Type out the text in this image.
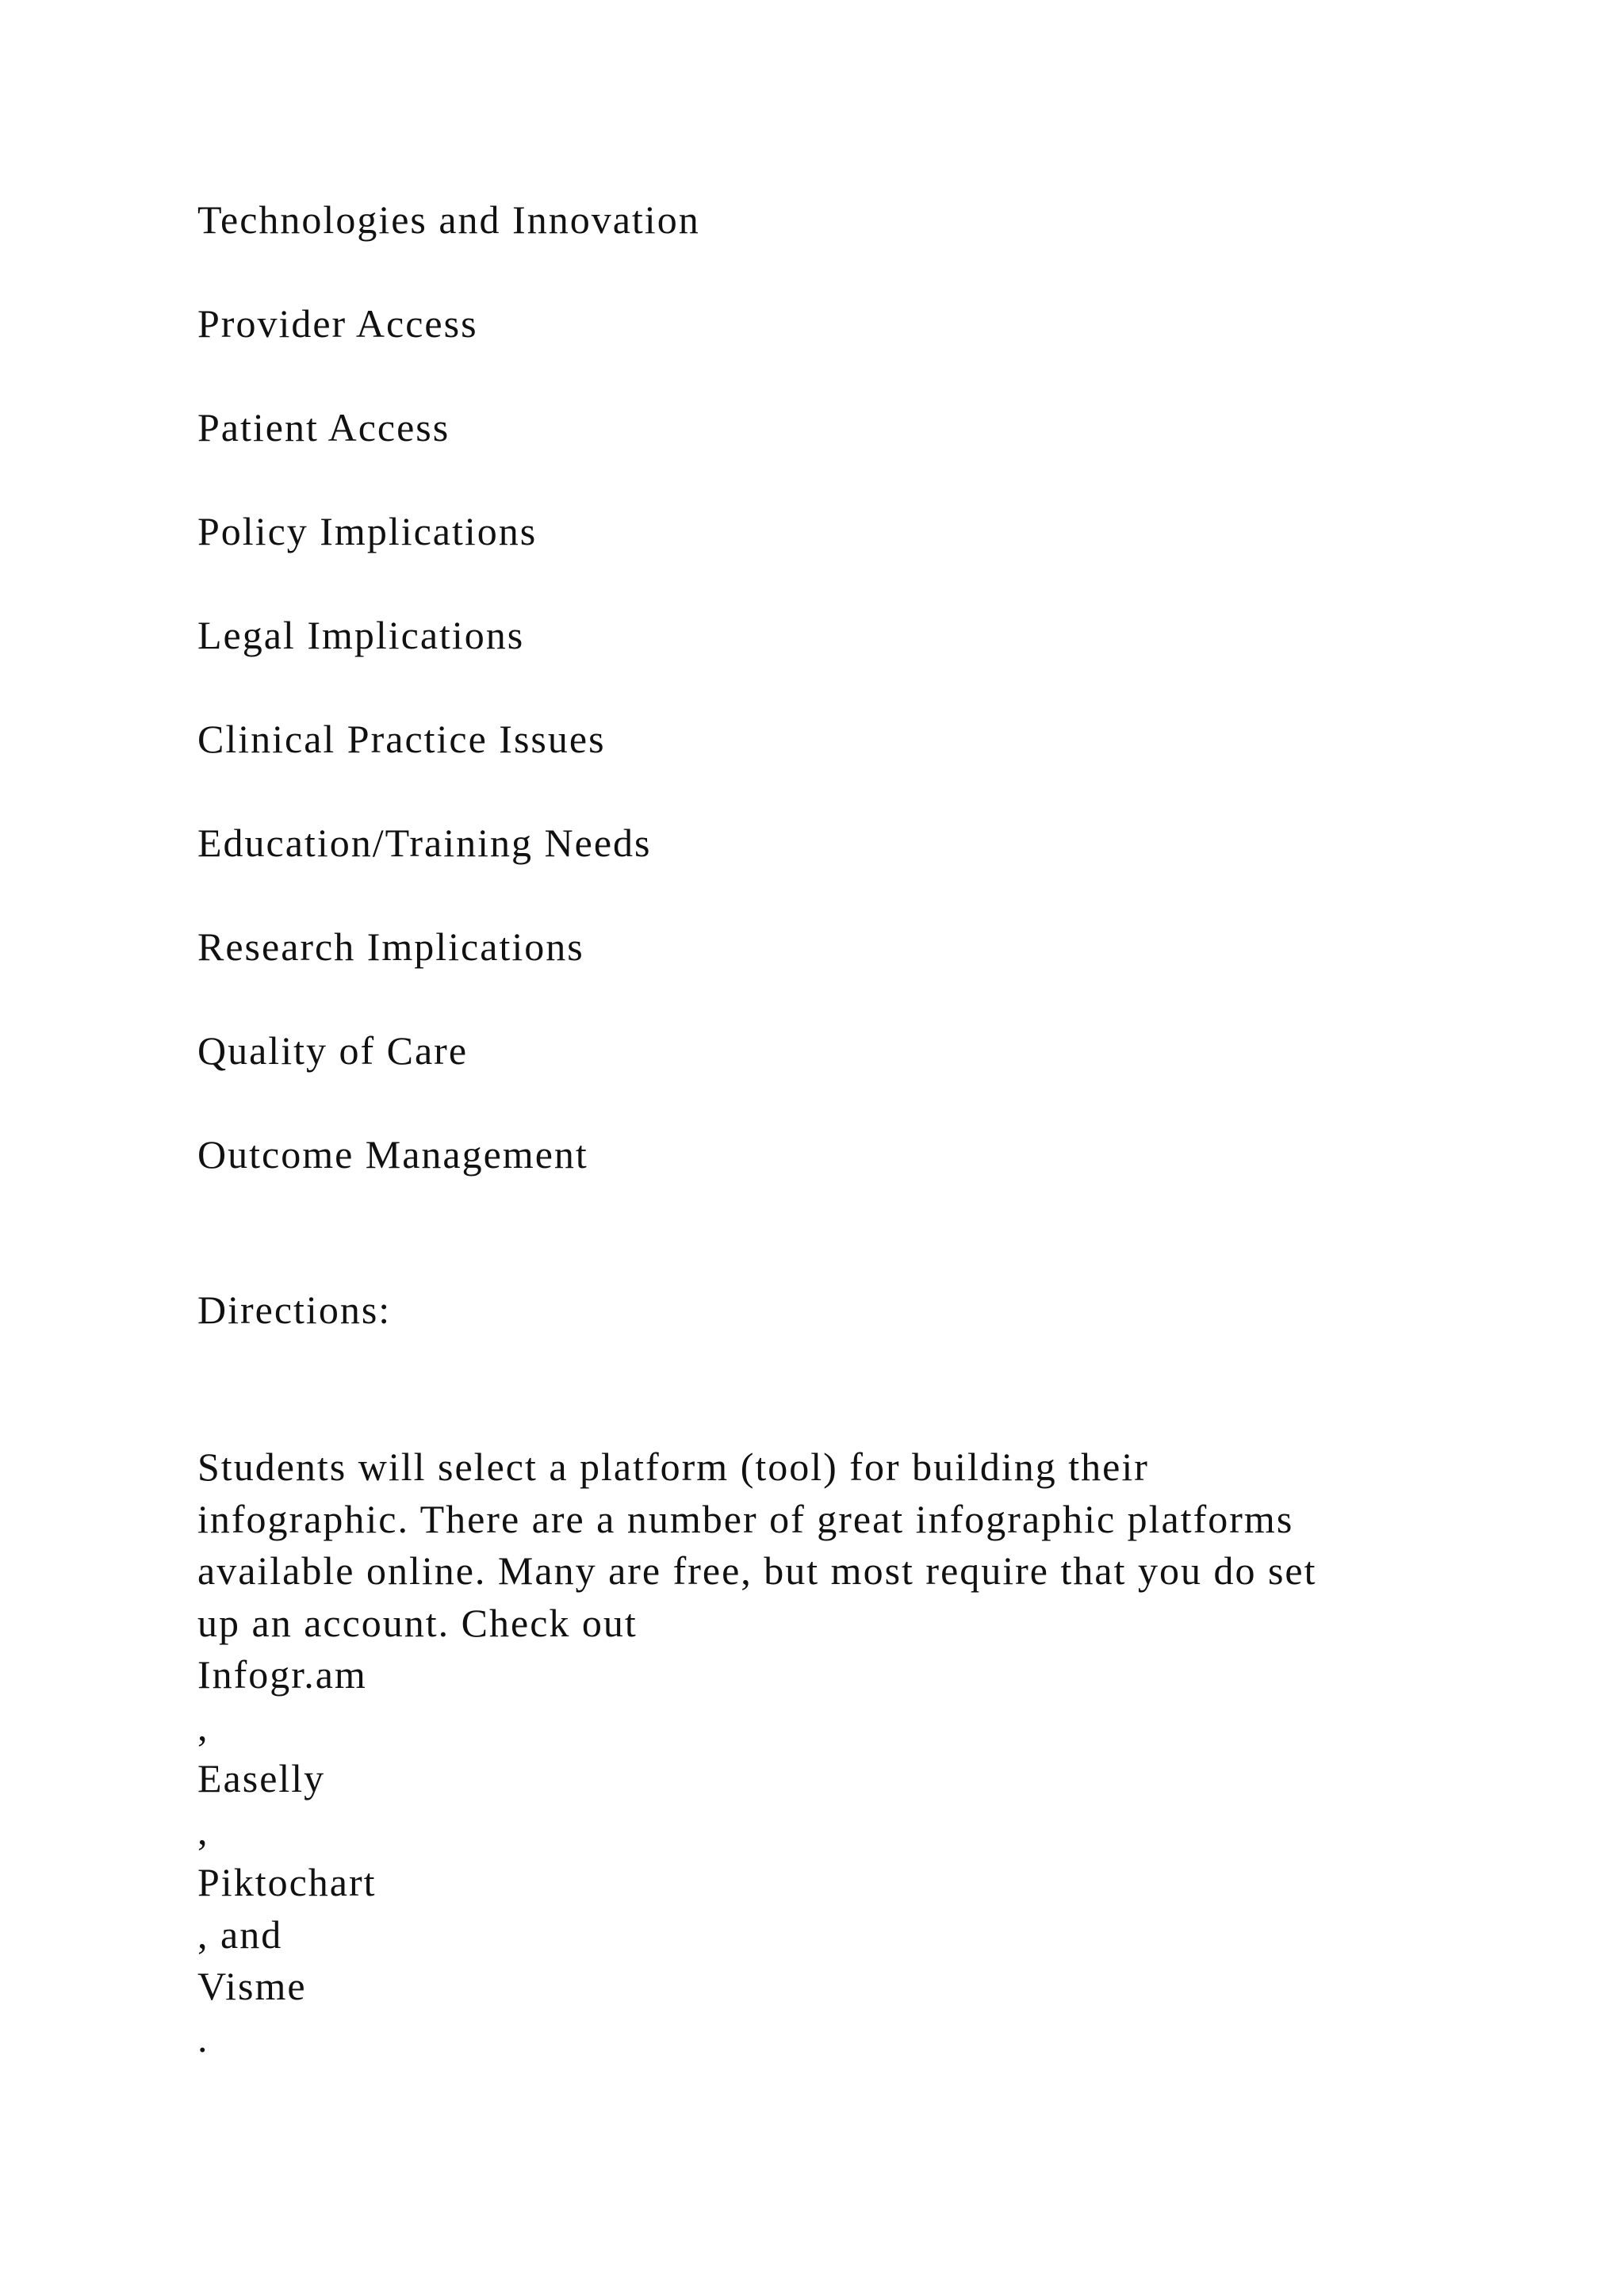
Technologies and Innovation
Provider Access
Patient Access
Policy Implications
Legal Implications
Clinical Practice Issues
Education/Training Needs
Research Implications
Quality of Care
Outcome Management
Directions:
Students will select a platform (tool) for building their
infographic. There are a number of great infographic platforms
available online. Many are free, but most require that you do set
up an account. Check out
Infogr.am
,
Easelly
,
Piktochart
, and
Visme
.
